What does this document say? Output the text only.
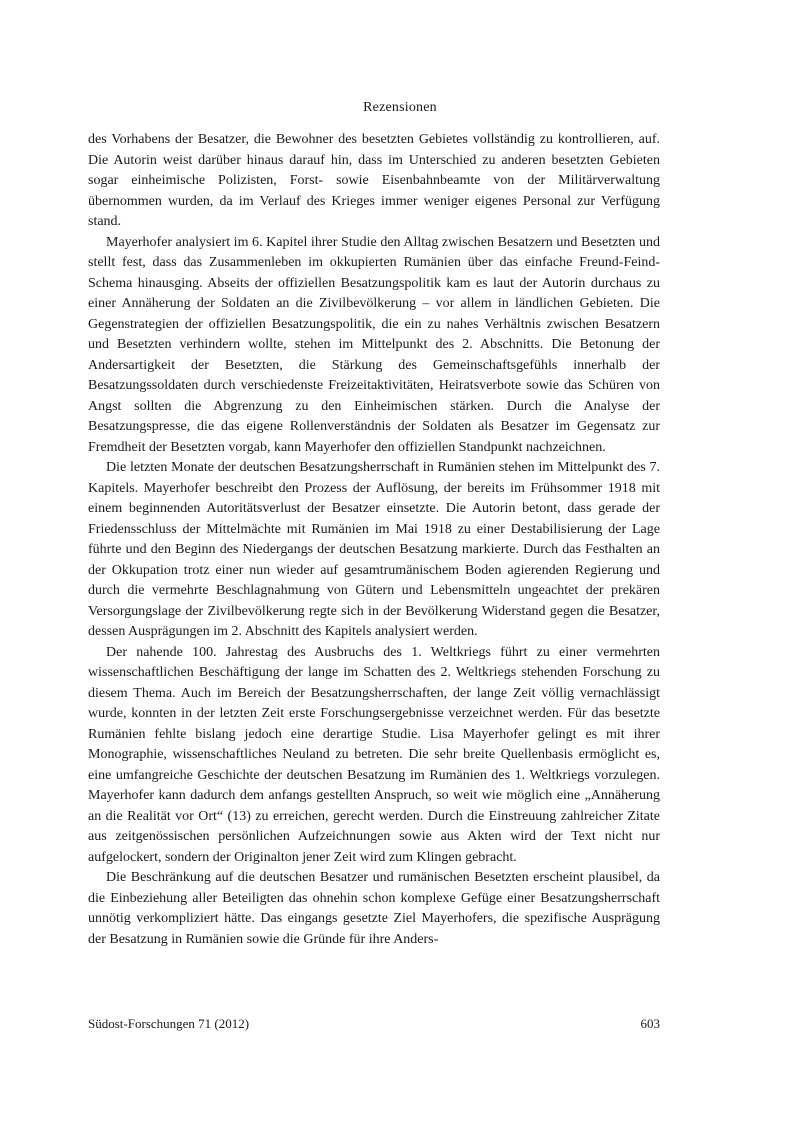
Rezensionen

des Vorhabens der Besatzer, die Bewohner des besetzten Gebietes vollständig zu kontrollieren, auf. Die Autorin weist darüber hinaus darauf hin, dass im Unterschied zu anderen besetzten Gebieten sogar einheimische Polizisten, Forst- sowie Eisenbahnbeamte von der Militärverwaltung übernommen wurden, da im Verlauf des Krieges immer weniger eigenes Personal zur Verfügung stand.

Mayerhofer analysiert im 6. Kapitel ihrer Studie den Alltag zwischen Besatzern und Besetzten und stellt fest, dass das Zusammenleben im okkupierten Rumänien über das einfache Freund-Feind-Schema hinausging. Abseits der offiziellen Besatzungspolitik kam es laut der Autorin durchaus zu einer Annäherung der Soldaten an die Zivilbevölkerung – vor allem in ländlichen Gebieten. Die Gegenstrategien der offiziellen Besatzungspolitik, die ein zu nahes Verhältnis zwischen Besatzern und Besetzten verhindern wollte, stehen im Mittelpunkt des 2. Abschnitts. Die Betonung der Andersartigkeit der Besetzten, die Stärkung des Gemeinschaftsgefühls innerhalb der Besatzungssoldaten durch verschiedenste Freizeitaktivitäten, Heiratsverbote sowie das Schüren von Angst sollten die Abgrenzung zu den Einheimischen stärken. Durch die Analyse der Besatzungspresse, die das eigene Rollenverständnis der Soldaten als Besatzer im Gegensatz zur Fremdheit der Besetzten vorgab, kann Mayerhofer den offiziellen Standpunkt nachzeichnen.

Die letzten Monate der deutschen Besatzungsherrschaft in Rumänien stehen im Mittelpunkt des 7. Kapitels. Mayerhofer beschreibt den Prozess der Auflösung, der bereits im Frühsommer 1918 mit einem beginnenden Autoritätsverlust der Besatzer einsetzte. Die Autorin betont, dass gerade der Friedensschluss der Mittelmächte mit Rumänien im Mai 1918 zu einer Destabilisierung der Lage führte und den Beginn des Niedergangs der deutschen Besatzung markierte. Durch das Festhalten an der Okkupation trotz einer nun wieder auf gesamtrumänischem Boden agierenden Regierung und durch die vermehrte Beschlagnahmung von Gütern und Lebensmitteln ungeachtet der prekären Versorgungslage der Zivilbevölkerung regte sich in der Bevölkerung Widerstand gegen die Besatzer, dessen Ausprägungen im 2. Abschnitt des Kapitels analysiert werden.

Der nahende 100. Jahrestag des Ausbruchs des 1. Weltkriegs führt zu einer vermehrten wissenschaftlichen Beschäftigung der lange im Schatten des 2. Weltkriegs stehenden Forschung zu diesem Thema. Auch im Bereich der Besatzungsherrschaften, der lange Zeit völlig vernachlässigt wurde, konnten in der letzten Zeit erste Forschungsergebnisse verzeichnet werden. Für das besetzte Rumänien fehlte bislang jedoch eine derartige Studie. Lisa Mayerhofer gelingt es mit ihrer Monographie, wissenschaftliches Neuland zu betreten. Die sehr breite Quellenbasis ermöglicht es, eine umfangreiche Geschichte der deutschen Besatzung im Rumänien des 1. Weltkriegs vorzulegen. Mayerhofer kann dadurch dem anfangs gestellten Anspruch, so weit wie möglich eine „Annäherung an die Realität vor Ort“ (13) zu erreichen, gerecht werden. Durch die Einstreuung zahlreicher Zitate aus zeitgenössischen persönlichen Aufzeichnungen sowie aus Akten wird der Text nicht nur aufgelockert, sondern der Originalton jener Zeit wird zum Klingen gebracht.

Die Beschränkung auf die deutschen Besatzer und rumänischen Besetzten erscheint plausibel, da die Einbeziehung aller Beteiligten das ohnehin schon komplexe Gefüge einer Besatzungsherrschaft unnötig verkompliziert hätte. Das eingangs gesetzte Ziel Mayerhofers, die spezifische Ausprägung der Besatzung in Rumänien sowie die Gründe für ihre Anders-

Südost-Forschungen 71 (2012)	603
